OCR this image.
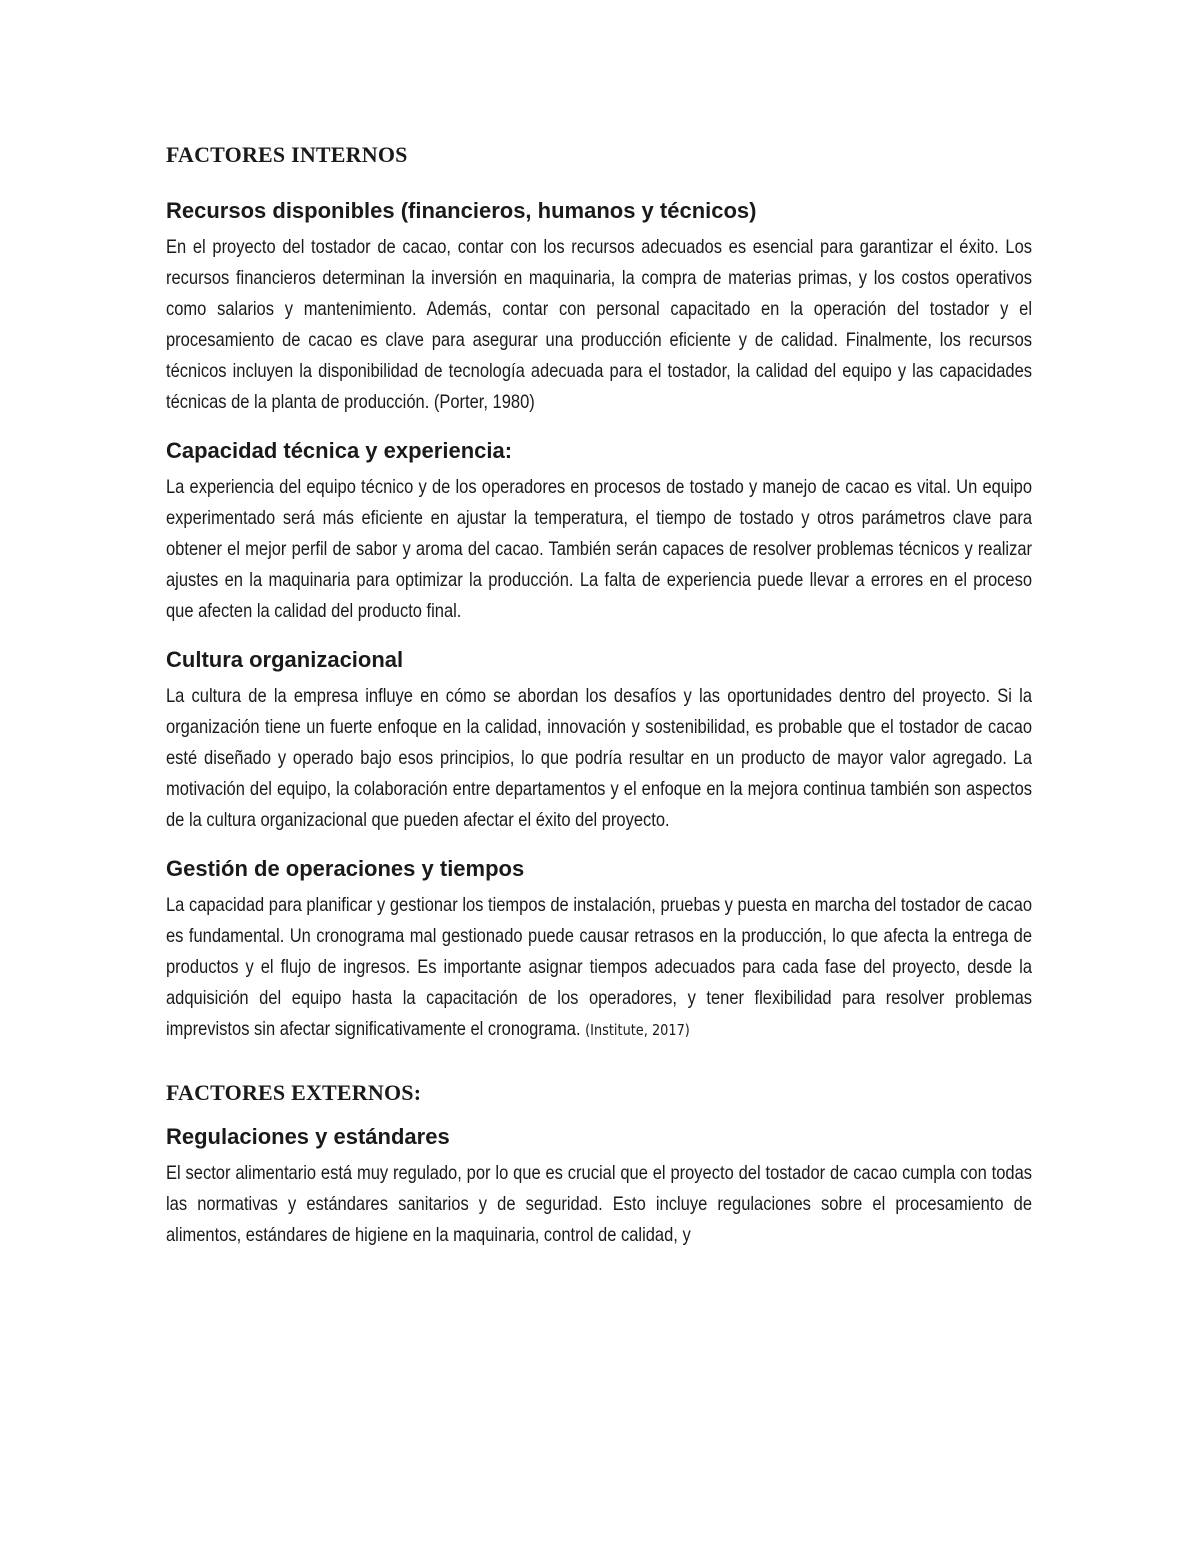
FACTORES INTERNOS
Recursos disponibles (financieros, humanos y técnicos)

En el proyecto del tostador de cacao, contar con los recursos adecuados es esencial para garantizar el éxito. Los recursos financieros determinan la inversión en maquinaria, la compra de materias primas, y los costos operativos como salarios y mantenimiento. Además, contar con personal capacitado en la operación del tostador y el procesamiento de cacao es clave para asegurar una producción eficiente y de calidad. Finalmente, los recursos técnicos incluyen la disponibilidad de tecnología adecuada para el tostador, la calidad del equipo y las capacidades técnicas de la planta de producción. (Porter, 1980)

Capacidad técnica y experiencia:

La experiencia del equipo técnico y de los operadores en procesos de tostado y manejo de cacao es vital. Un equipo experimentado será más eficiente en ajustar la temperatura, el tiempo de tostado y otros parámetros clave para obtener el mejor perfil de sabor y aroma del cacao. También serán capaces de resolver problemas técnicos y realizar ajustes en la maquinaria para optimizar la producción. La falta de experiencia puede llevar a errores en el proceso que afecten la calidad del producto final.

Cultura organizacional

La cultura de la empresa influye en cómo se abordan los desafíos y las oportunidades dentro del proyecto. Si la organización tiene un fuerte enfoque en la calidad, innovación y sostenibilidad, es probable que el tostador de cacao esté diseñado y operado bajo esos principios, lo que podría resultar en un producto de mayor valor agregado. La motivación del equipo, la colaboración entre departamentos y el enfoque en la mejora continua también son aspectos de la cultura organizacional que pueden afectar el éxito del proyecto.

Gestión de operaciones y tiempos

La capacidad para planificar y gestionar los tiempos de instalación, pruebas y puesta en marcha del tostador de cacao es fundamental. Un cronograma mal gestionado puede causar retrasos en la producción, lo que afecta la entrega de productos y el flujo de ingresos. Es importante asignar tiempos adecuados para cada fase del proyecto, desde la adquisición del equipo hasta la capacitación de los operadores, y tener flexibilidad para resolver problemas imprevistos sin afectar significativamente el cronograma. (Institute, 2017)

FACTORES EXTERNOS:
Regulaciones y estándares

El sector alimentario está muy regulado, por lo que es crucial que el proyecto del tostador de cacao cumpla con todas las normativas y estándares sanitarios y de seguridad. Esto incluye regulaciones sobre el procesamiento de alimentos, estándares de higiene en la maquinaria, control de calidad, y
